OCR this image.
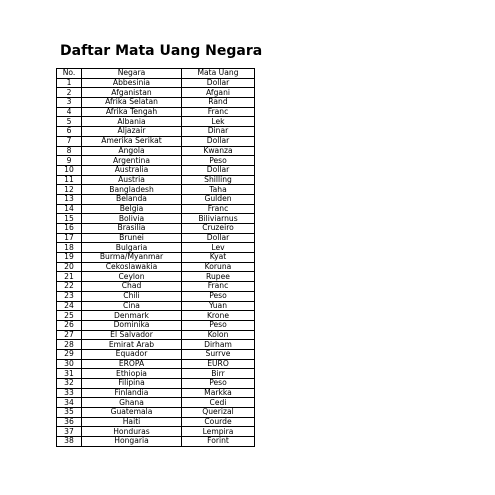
Daftar Mata Uang Negara
No.	Negara	Mata Uang
1	Abbesinia	Dollar
2	Afganistan	Afgani
3	Afrika Selatan	Rand
4	Afrika Tengah	Franc
5	Albania	Lek
6	Aljazair	Dinar
7	Amerika Serikat	Dollar
8	Angola	Kwanza
9	Argentina	Peso
10	Australia	Dollar
11	Austria	Shilling
12	Bangladesh	Taha
13	Belanda	Gulden
14	Belgia	Franc
15	Bolivia	Biliviarnus
16	Brasilia	Cruzeiro
17	Brunei	Dollar
18	Bulgaria	Lev
19	Burma/Myanmar	Kyat
20	Cekoslawakia	Koruna
21	Ceylon	Rupee
22	Chad	Franc
23	Chili	Peso
24	Cina	Yuan
25	Denmark	Krone
26	Dominika	Peso
27	El Salvador	Kolon
28	Emirat Arab	Dirham
29	Equador	Surrve
30	EROPA	EURO
31	Ethiopia	Birr
32	Filipina	Peso
33	Finlandia	Markka
34	Ghana	Cedi
35	Guatemala	Querizal
36	Haiti	Courde
37	Honduras	Lempira
38	Hongaria	Forint
